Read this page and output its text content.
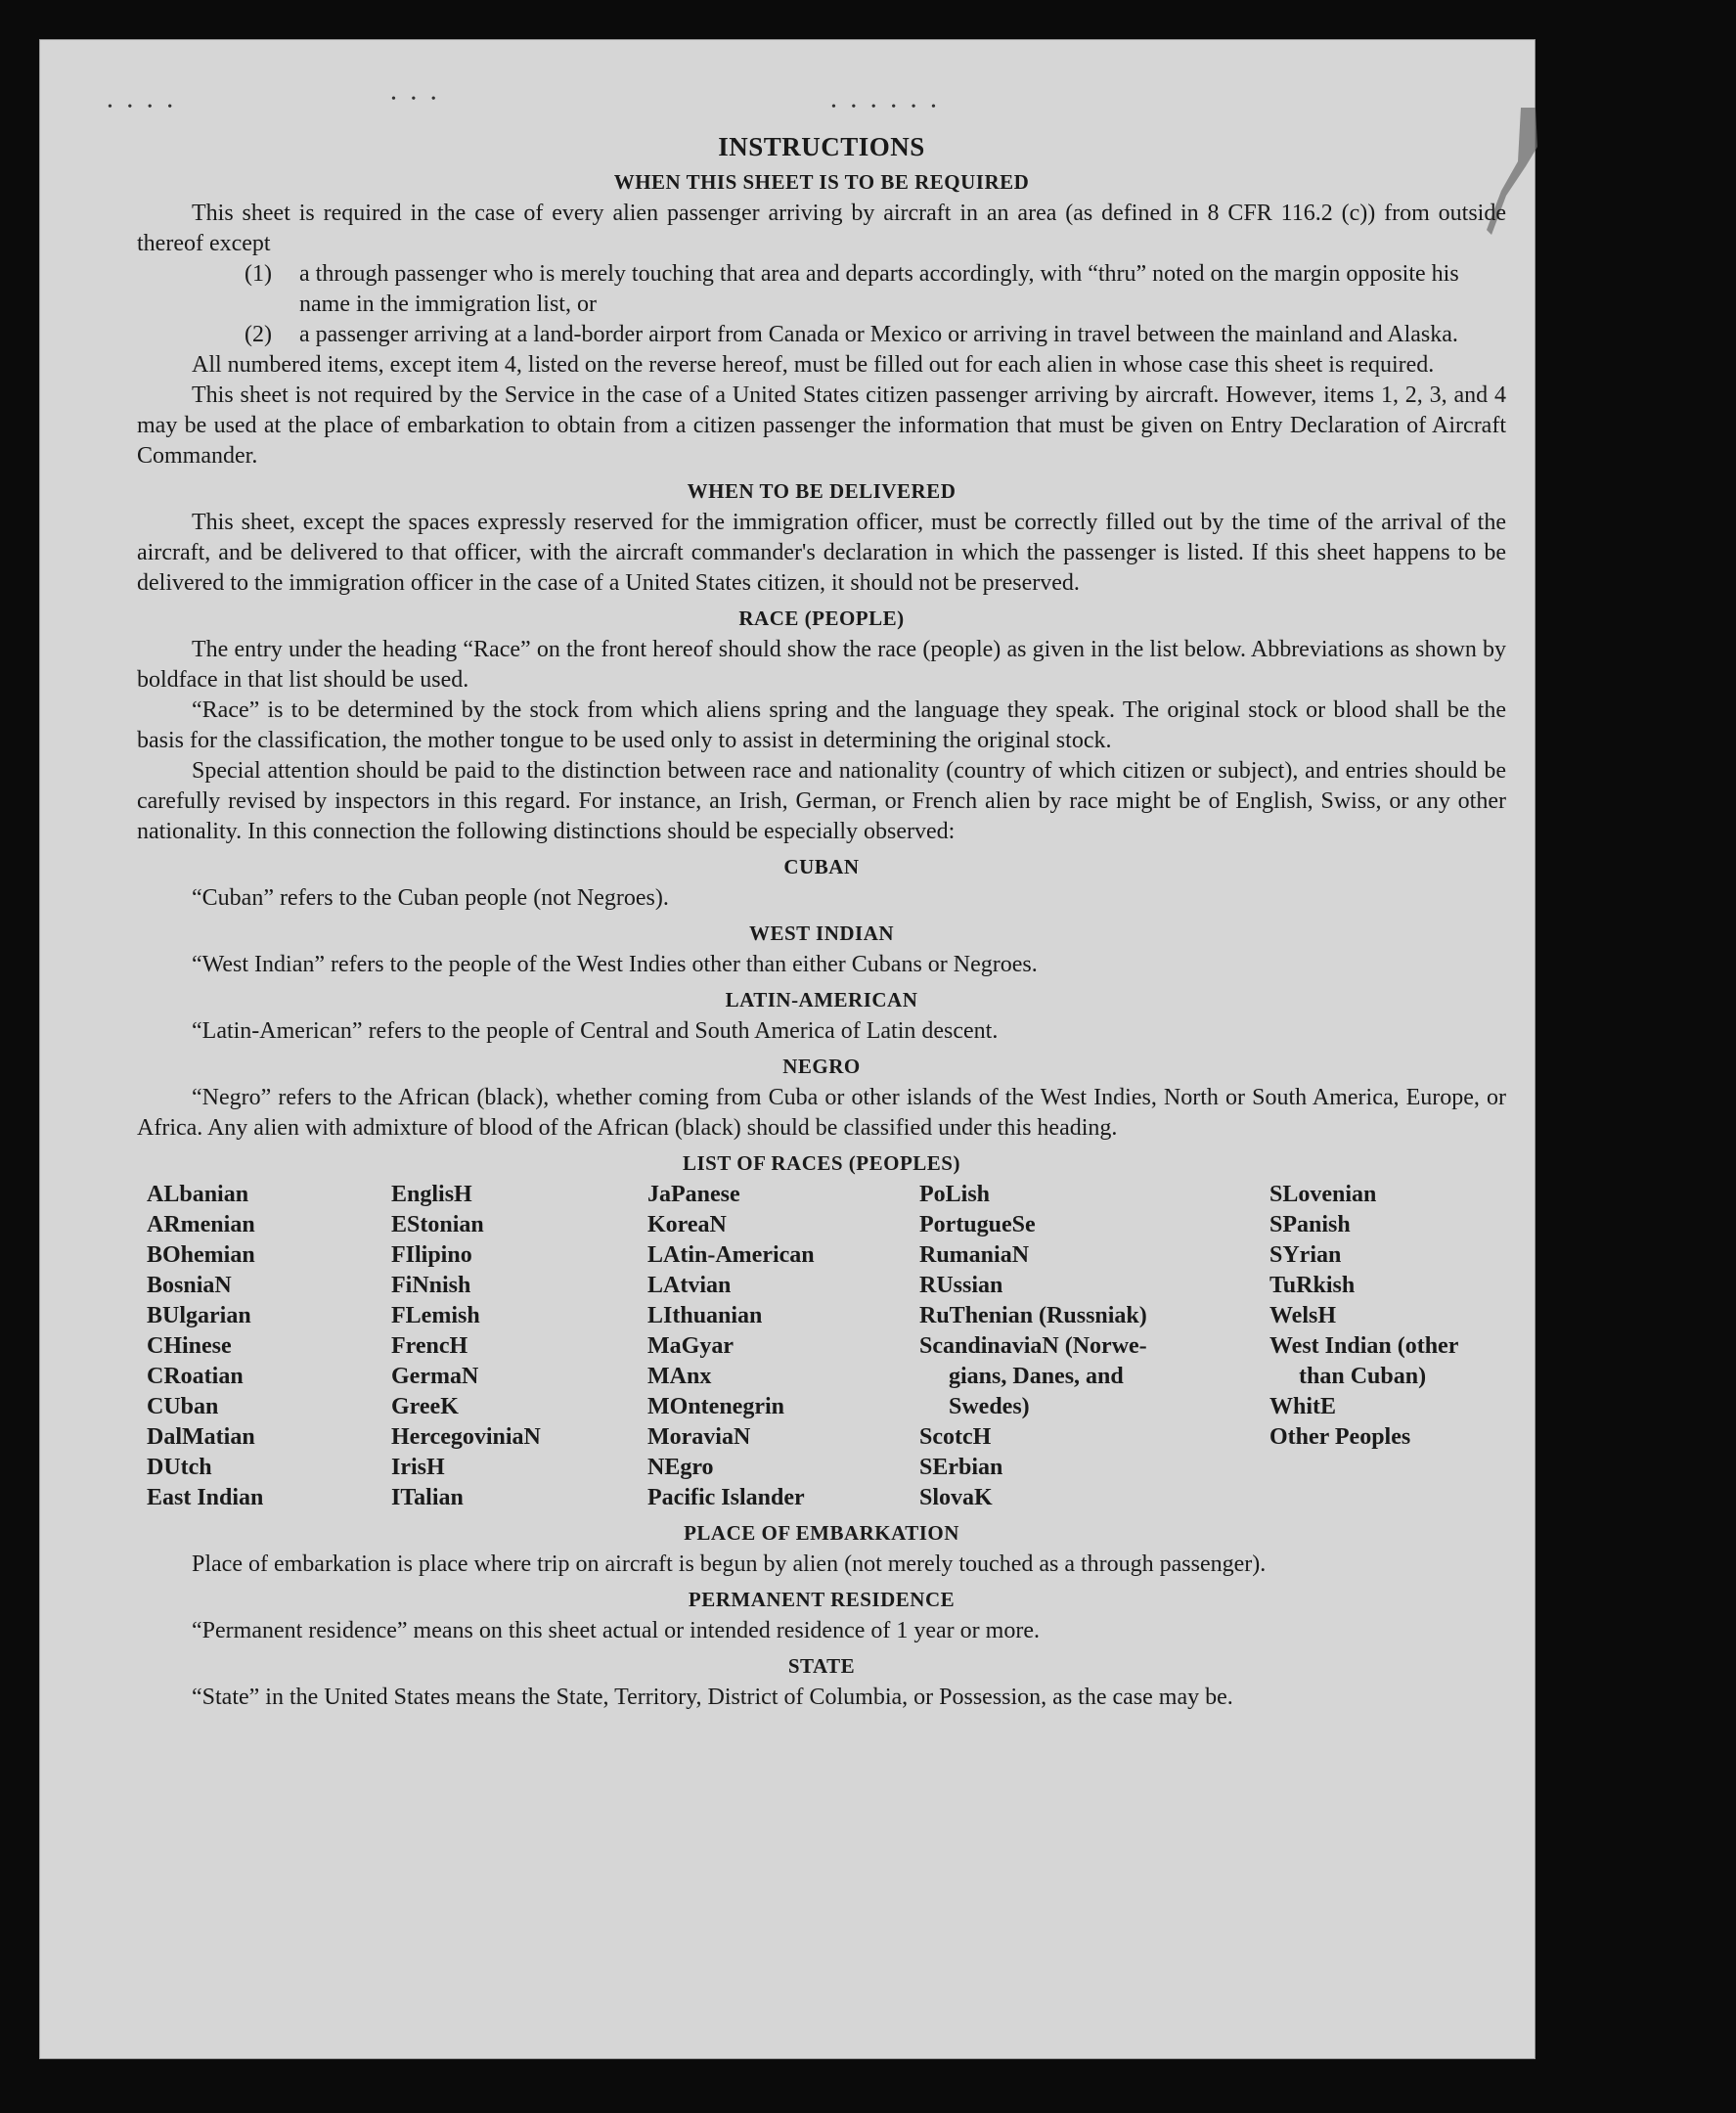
• • • •
• • •
• • • • • •
INSTRUCTIONS
WHEN THIS SHEET IS TO BE REQUIRED

This sheet is required in the case of every alien passenger arriving by aircraft in an area (as defined in 8 CFR 116.2 (c)) from outside thereof except

(1)	a through passenger who is merely touching that area and departs accordingly, with “thru” noted on the margin opposite his name in the immigration list, or
(2)	a passenger arriving at a land-border airport from Canada or Mexico or arriving in travel between the mainland and Alaska.

All numbered items, except item 4, listed on the reverse hereof, must be filled out for each alien in whose case this sheet is required.

This sheet is not required by the Service in the case of a United States citizen passenger arriving by aircraft. However, items 1, 2, 3, and 4 may be used at the place of embarkation to obtain from a citizen passenger the information that must be given on Entry Declaration of Aircraft Commander.

WHEN TO BE DELIVERED

This sheet, except the spaces expressly reserved for the immigration officer, must be correctly filled out by the time of the arrival of the aircraft, and be delivered to that officer, with the aircraft commander's declaration in which the passenger is listed. If this sheet happens to be delivered to the immigration officer in the case of a United States citizen, it should not be preserved.

RACE (PEOPLE)

The entry under the heading “Race” on the front hereof should show the race (people) as given in the list below. Abbreviations as shown by boldface in that list should be used.

“Race” is to be determined by the stock from which aliens spring and the language they speak. The original stock or blood shall be the basis for the classification, the mother tongue to be used only to assist in determining the original stock.

Special attention should be paid to the distinction between race and nationality (country of which citizen or subject), and entries should be carefully revised by inspectors in this regard. For instance, an Irish, German, or French alien by race might be of English, Swiss, or any other nationality. In this connection the following distinctions should be especially observed:

CUBAN
“Cuban” refers to the Cuban people (not Negroes).
WEST INDIAN
“West Indian” refers to the people of the West Indies other than either Cubans or Negroes.
LATIN-AMERICAN
“Latin-American” refers to the people of Central and South America of Latin descent.
NEGRO

“Negro” refers to the African (black), whether coming from Cuba or other islands of the West Indies, North or South America, Europe, or Africa. Any alien with admixture of blood of the African (black) should be classified under this heading.

LIST OF RACES (PEOPLES)
ALbanian
ARmenian
BOhemian
BosniaN
BUlgarian
CHinese
CRoatian
CUban
DalMatian
DUtch
East Indian
EnglisH
EStonian
FIlipino
FiNnish
FLemish
FrencH
GermaN
GreeK
HercegoviniaN
IrisH
ITalian
JaPanese
KoreaN
LAtin-American
LAtvian
LIthuanian
MaGyar
MAnx
MOntenegrin
MoraviaN
NEgro
Pacific Islander
PoLish
PortugueSe
RumaniaN
RUssian
RuThenian (Russniak)
ScandinaviaN (Norwe-
gians, Danes, and
Swedes)
ScotcH
SErbian
SlovaK
SLovenian
SPanish
SYrian
TuRkish
WelsH
West Indian (other
than Cuban)
WhitE
Other Peoples
PLACE OF EMBARKATION

Place of embarkation is place where trip on aircraft is begun by alien (not merely touched as a through passenger).

PERMANENT RESIDENCE
“Permanent residence” means on this sheet actual or intended residence of 1 year or more.
STATE

“State” in the United States means the State, Territory, District of Columbia, or Possession, as the case may be.
